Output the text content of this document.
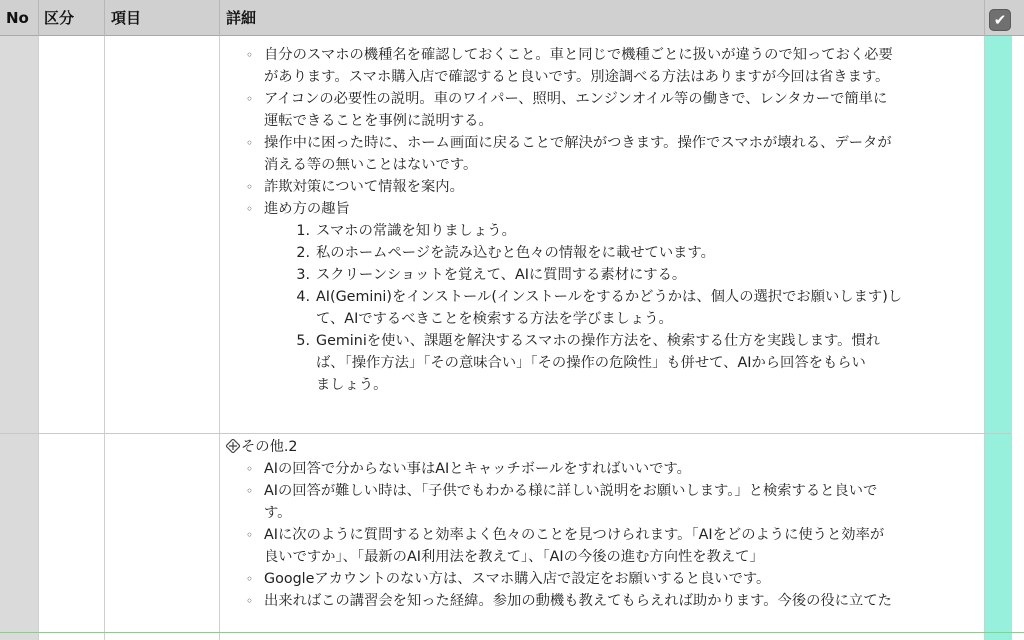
No 区分 項目	詳細	✔
◦ 自分のスマホの機種名を確認しておくこと。車と同じで機種ごとに扱いが違うので知っておく必要
があります。スマホ購入店で確認すると良いです。別途調べる方法はありますが今回は省きます。
◦ アイコンの必要性の説明。車のワイパー、照明、エンジンオイル等の働きで、レンタカーで簡単に
運転できることを事例に説明する。
◦ 操作中に困った時に、ホーム画面に戻ることで解決がつきます。操作でスマホが壊れる、データが
消える等の無いことはないです。
◦ 詐欺対策について情報を案内。
◦ 進め方の趣旨
1. スマホの常識を知りましょう。
2. 私のホームページを読み込むと色々の情報をに載せています。
3. スクリーンショットを覚えて、AIに質問する素材にする。
4. AI(Gemini)をインストール(インストールをするかどうかは、個人の選択でお願いします)し
て、AIでするべきことを検索する方法を学びましょう。
5. Geminiを使い、課題を解決するスマホの操作方法を、検索する仕方を実践します。慣れ
ば、「操作方法」「その意味合い」「その操作の危険性」も併せて、AIから回答をもらい
ましょう。
その他.2
◦ AIの回答で分からない事はAIとキャッチボールをすればいいです。
◦ AIの回答が難しい時は、「子供でもわかる様に詳しい説明をお願いします。」と検索すると良いで
す。
◦ AIに次のように質問すると効率よく色々のことを見つけられます。「AIをどのように使うと効率が
良いですか」、「最新のAI利用法を教えて」、「AIの今後の進む方向性を教えて」
◦ Googleアカウントのない方は、スマホ購入店で設定をお願いすると良いです。
◦ 出来ればこの講習会を知った経緯。参加の動機も教えてもらえれば助かります。今後の役に立てた
